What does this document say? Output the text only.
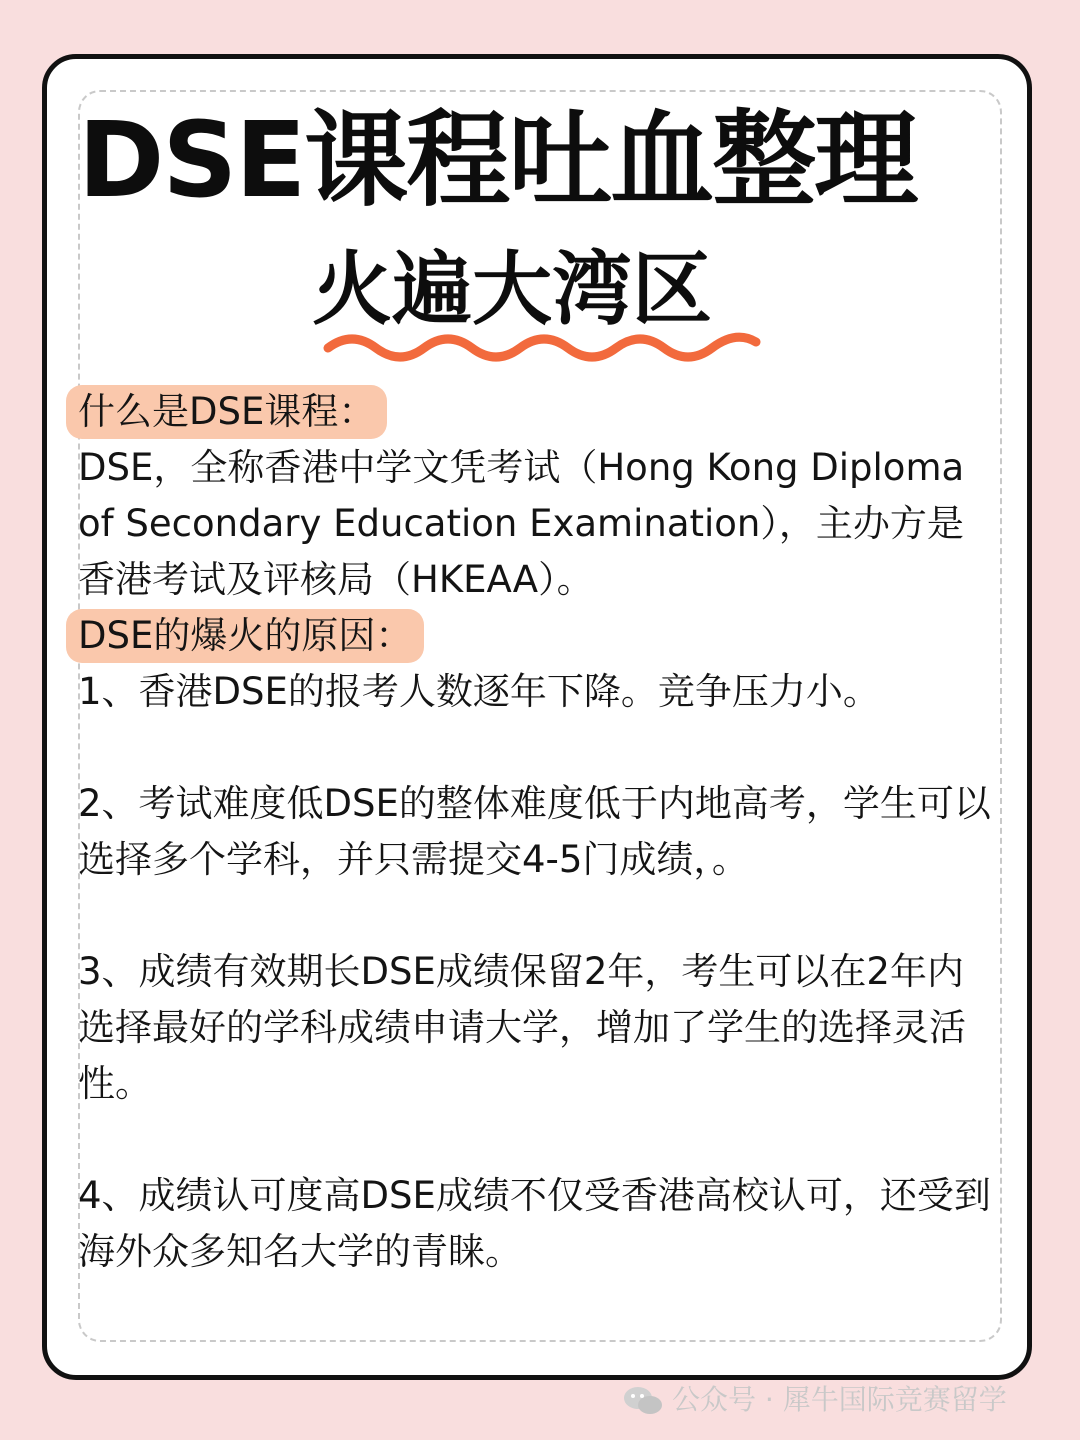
DSE课程吐血整理
火遍大湾区
什么是DSE课程：

DSE，全称香港中学文凭考试（Hong Kong Diploma of Secondary Education Examination），主办方是香港考试及评核局（HKEAA）。

DSE的爆火的原因：

1、香港DSE的报考人数逐年下降。竞争压力小。

2、考试难度低DSE的整体难度低于内地高考，学生可以选择多个学科，并只需提交4-5门成绩，。

3、成绩有效期长DSE成绩保留2年，考生可以在2年内选择最好的学科成绩申请大学，增加了学生的选择灵活性。

4、成绩认可度高DSE成绩不仅受香港高校认可，还受到海外众多知名大学的青睐。

公众号 · 犀牛国际竞赛留学
